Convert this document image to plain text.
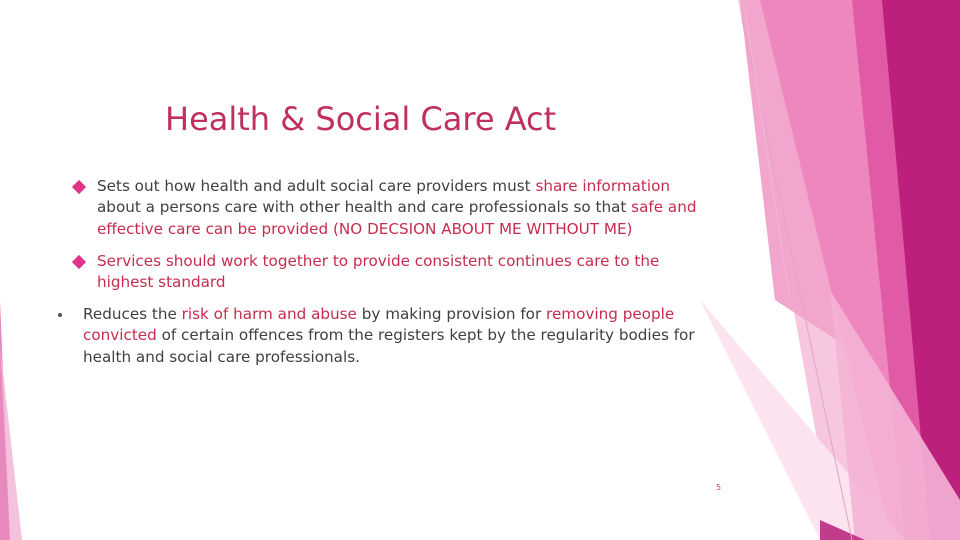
Health & Social Care Act
Sets out how health and adult social care providers must share information about a persons care with other health and care professionals so that safe and effective care can be provided (NO DECSION ABOUT ME WITHOUT ME)
Services should work together to provide consistent continues care to the highest standard
Reduces the risk of harm and abuse by making provision for removing people convicted of certain offences from the registers kept by the regularity bodies for health and social care professionals.
5
